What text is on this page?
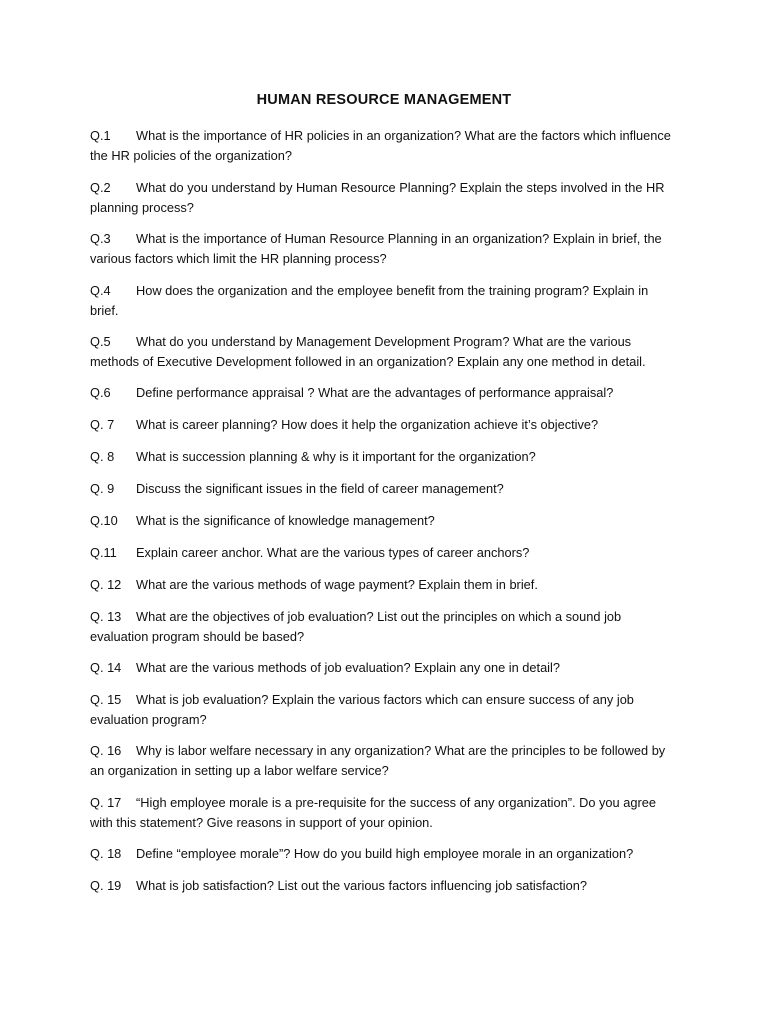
HUMAN RESOURCE MANAGEMENT
Q.1 What is the importance of HR policies in an organization? What are the factors which influence the HR policies of the organization?
Q.2 What do you understand by Human Resource Planning? Explain the steps involved in the HR planning process?
Q.3 What is the importance of Human Resource Planning in an organization? Explain in brief, the various factors which limit the HR planning process?
Q.4 How does the organization and the employee benefit from the training program? Explain in brief.
Q.5 What do you understand by Management Development Program? What are the various methods of Executive Development followed in an organization? Explain any one method in detail.
Q.6 Define performance appraisal ? What are the advantages of performance appraisal?
Q. 7 What is career planning? How does it help the organization achieve it’s objective?
Q. 8 What is succession planning & why is it important for the organization?
Q. 9 Discuss the significant issues in the field of career management?
Q.10 What is the significance of knowledge management?
Q.11 Explain career anchor. What are the various types of career anchors?
Q. 12 What are the various methods of wage payment? Explain them in brief.
Q. 13 What are the objectives of job evaluation? List out the principles on which a sound job evaluation program should be based?
Q. 14 What are the various methods of job evaluation? Explain any one in detail?
Q. 15 What is job evaluation? Explain the various factors which can ensure success of any job evaluation program?
Q. 16 Why is labor welfare necessary in any organization? What are the principles to be followed by an organization in setting up a labor welfare service?
Q. 17 “High employee morale is a pre-requisite for the success of any organization”. Do you agree with this statement? Give reasons in support of your opinion.
Q. 18 Define “employee morale”? How do you build high employee morale in an organization?
Q. 19 What is job satisfaction? List out the various factors influencing job satisfaction?
